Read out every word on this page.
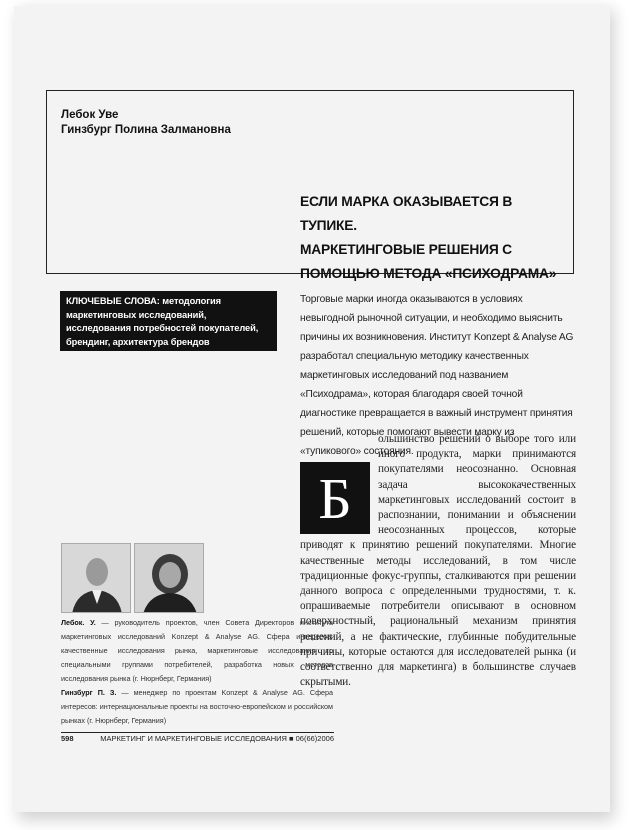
Лебок Уве
Гинзбург Полина Залмановна
ЕСЛИ МАРКА ОКАЗЫВАЕТСЯ В ТУПИКЕ.
МАРКЕТИНГОВЫЕ РЕШЕНИЯ С
ПОМОЩЬЮ МЕТОДА «ПСИХОДРАМА»
КЛЮЧЕВЫЕ СЛОВА: методология маркетинговых исследований, исследования потребностей покупателей, брендинг, архитектура брендов
Торговые марки иногда оказываются в условиях невыгодной рыночной ситуации, и необходимо выяснить причины их возникновения. Институт Konzept & Analyse AG разработал специальную методику качественных маркетинговых исследований под названием «Психодрама», которая благодаря своей точной диагностике превращается в важный инструмент принятия решений, которые помогают вывести марку из «тупикового» состояния.
ольшинство решений о выборе того или иного продукта, марки принимаются покупателями неосознанно. Основная задача высококачественных маркетинговых исследований состоит в распознании, понимании и объяснении неосознанных процессов, которые приводят к принятию решений покупателями. Многие качественные методы исследований, в том числе традиционные фокус-группы, сталкиваются при решении данного вопроса с определенными трудностями, т. к. опрашиваемые потребители описывают в основном поверхностный, рациональный механизм принятия решений, а не фактические, глубинные побудительные причины, которые остаются для исследователей рынка (и соответственно для маркетинга) в большинстве случаев скрытыми.
Б
Лебок. У. — руководитель проектов, член Совета Директоров института маркетинговых исследований Konzept & Analyse AG. Сфера интересов: качественные исследования рынка, маркетинговые исследования со специальными группами потребителей, разработка новых методов исследования рынка (г. Нюрнберг, Германия)
Гинзбург П. З. — менеджер по проектам Konzept & Analyse AG. Сфера интересов: интернациональные проекты на восточно-европейском и российском рынках (г. Нюрнберг, Германия)
598	МАРКЕТИНГ И МАРКЕТИНГОВЫЕ ИССЛЕДОВАНИЯ ■ 06(66)2006
